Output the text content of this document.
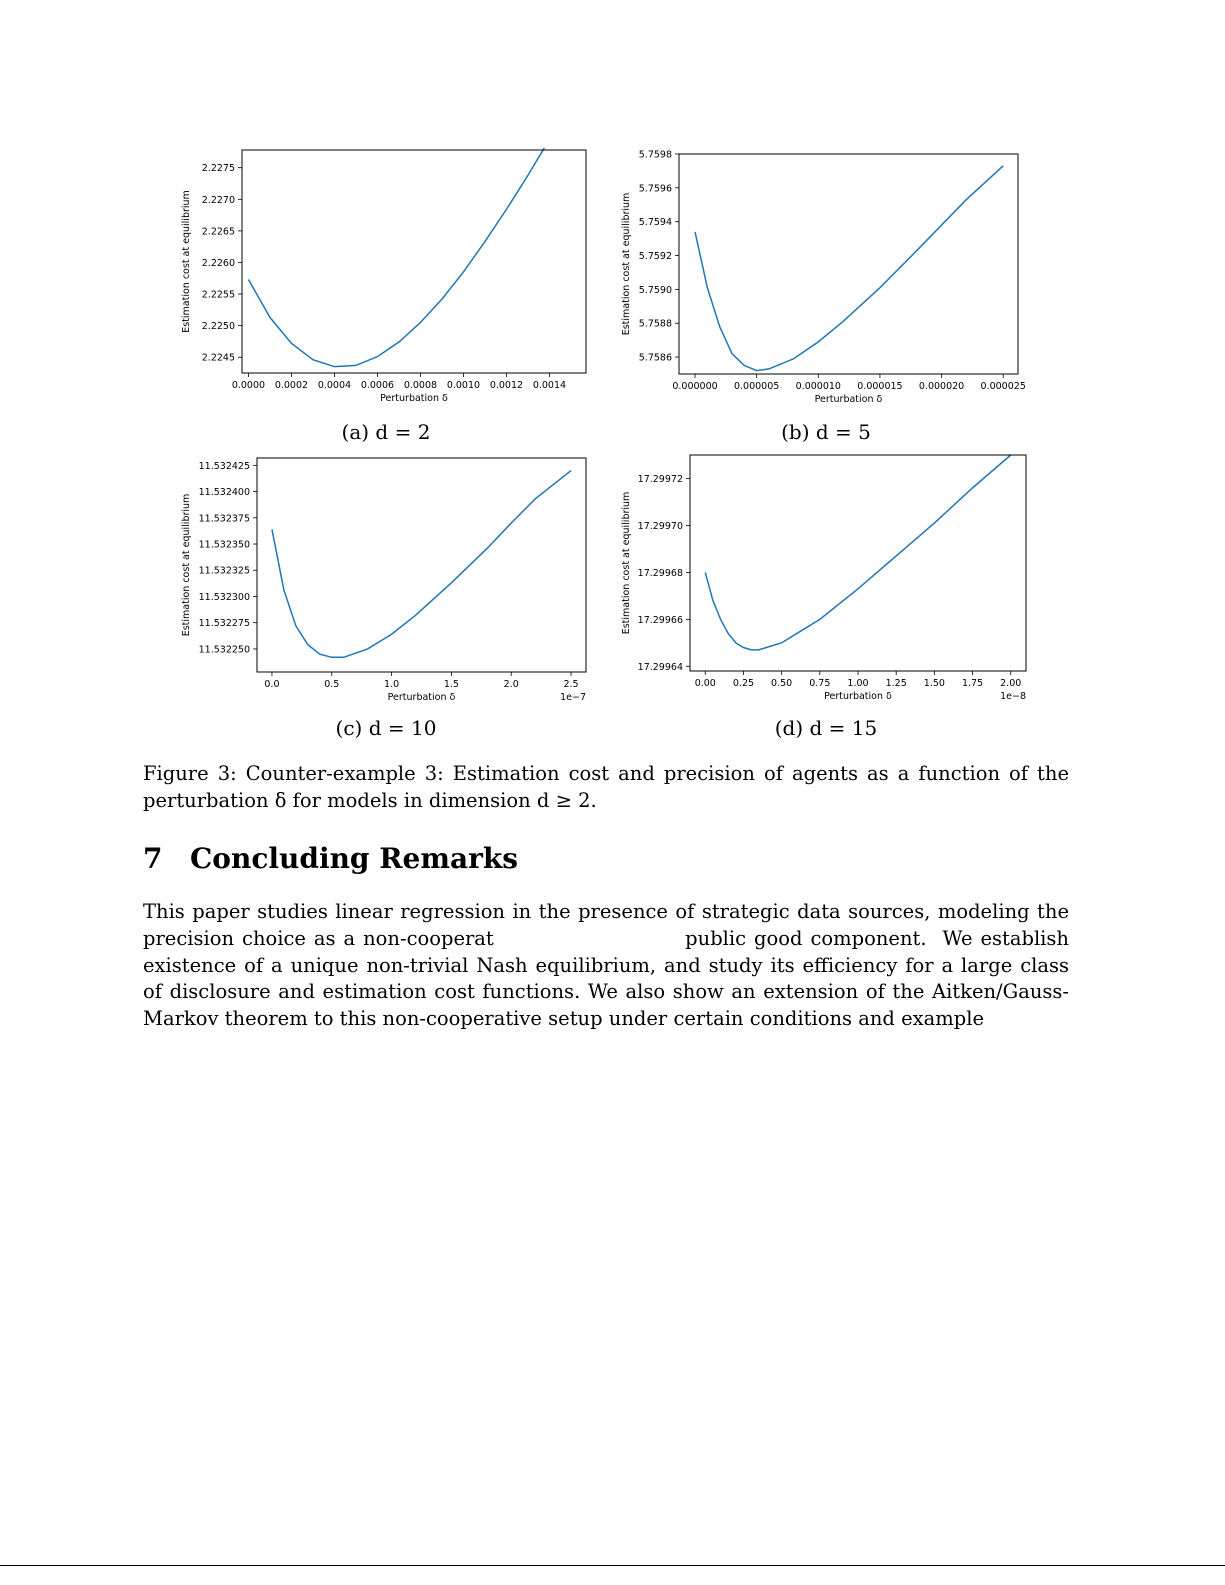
0.0000 0.0002 0.0004 0.0006 0.0008 0.0010 0.0012 0.0014
2.2245
2.2250
2.2255
2.2260
2.2265
2.2270
2.2275
Perturbation δ
Estimation cost at equilibrium
(a) d = 2
0.000000 0.000005 0.000010 0.000015 0.000020 0.000025
5.7586
5.7588
5.7590
5.7592
5.7594
5.7596
5.7598
Perturbation δ
Estimation cost at equilibrium
(b) d = 5
0.0	0.5	1.0	1.5	2.0	2.5
11.532250
11.532275
11.532300
11.532325
11.532350
11.532375
11.532400
11.532425
Perturbation δ
Estimation cost at equilibrium
1e−7
(c) d = 10
0.00 0.25 0.50 0.75 1.00 1.25 1.50 1.75 2.00
17.29964
17.29966
17.29968
17.29970
17.29972
Perturbation δ
Estimation cost at equilibrium
1e−8
(d) d = 15
Figure 3: Counter-example 3: Estimation cost and precision of agents as a function of the perturbation δ for models in dimension d ≥ 2.
7 Concluding Remarks
This paper studies linear regression in the presence of strategic data sources, modeling the precision choice as a non-cooperat                        public good component.  We establish existence of a unique non-trivial Nash equilibrium, and study its efficiency for a large class of disclosure and estimation cost functions. We also show an extension of the Aitken/Gauss-Markov theorem to this non-cooperative setup under certain conditions and example
